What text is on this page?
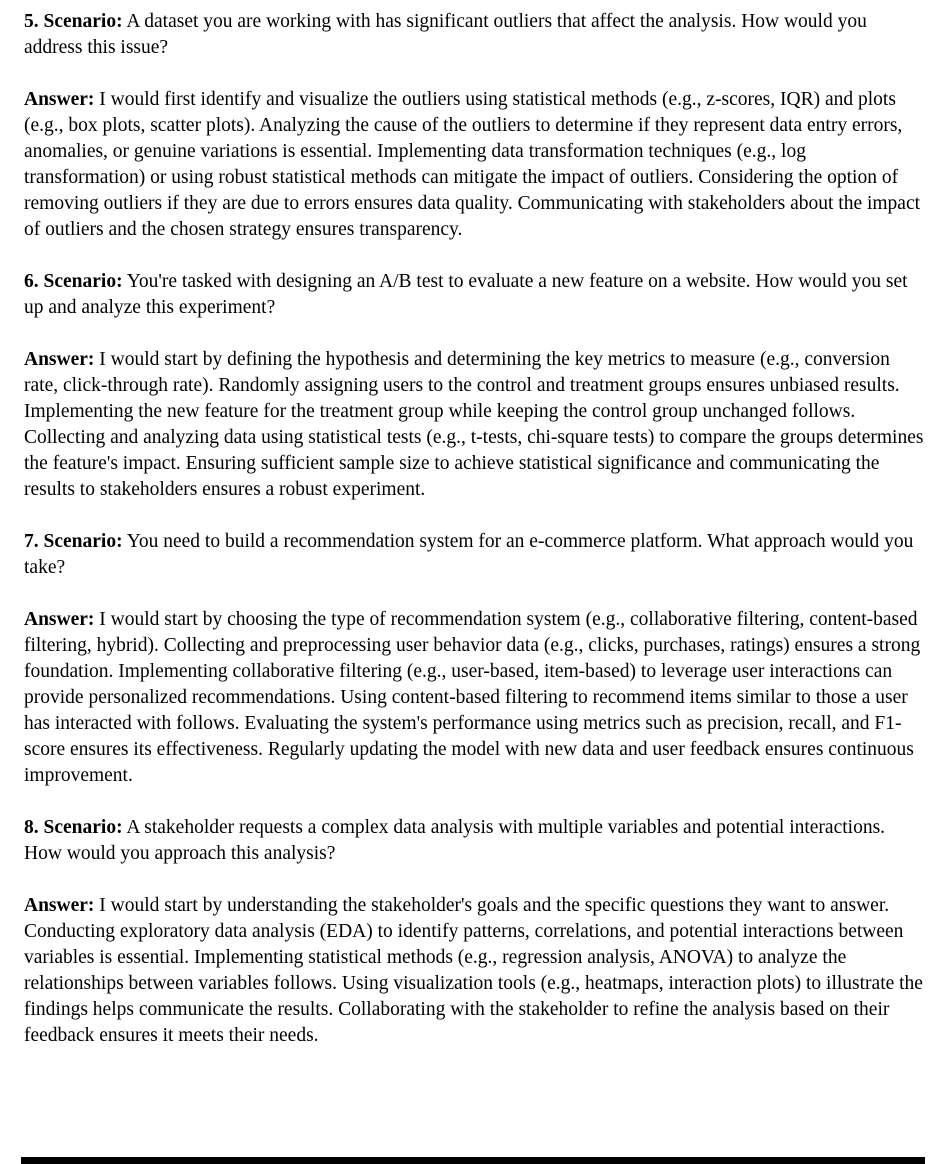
5. Scenario: A dataset you are working with has significant outliers that affect the analysis. How would you address this issue?

Answer: I would first identify and visualize the outliers using statistical methods (e.g., z-scores, IQR) and plots (e.g., box plots, scatter plots). Analyzing the cause of the outliers to determine if they represent data entry errors, anomalies, or genuine variations is essential. Implementing data transformation techniques (e.g., log transformation) or using robust statistical methods can mitigate the impact of outliers. Considering the option of removing outliers if they are due to errors ensures data quality. Communicating with stakeholders about the impact of outliers and the chosen strategy ensures transparency.

6. Scenario: You're tasked with designing an A/B test to evaluate a new feature on a website. How would you set up and analyze this experiment?

Answer: I would start by defining the hypothesis and determining the key metrics to measure (e.g., conversion rate, click-through rate). Randomly assigning users to the control and treatment groups ensures unbiased results. Implementing the new feature for the treatment group while keeping the control group unchanged follows. Collecting and analyzing data using statistical tests (e.g., t-tests, chi-square tests) to compare the groups determines the feature's impact. Ensuring sufficient sample size to achieve statistical significance and communicating the results to stakeholders ensures a robust experiment.

7. Scenario: You need to build a recommendation system for an e-commerce platform. What approach would you take?

Answer: I would start by choosing the type of recommendation system (e.g., collaborative filtering, content-based filtering, hybrid). Collecting and preprocessing user behavior data (e.g., clicks, purchases, ratings) ensures a strong foundation. Implementing collaborative filtering (e.g., user-based, item-based) to leverage user interactions can provide personalized recommendations. Using content-based filtering to recommend items similar to those a user has interacted with follows. Evaluating the system's performance using metrics such as precision, recall, and F1-score ensures its effectiveness. Regularly updating the model with new data and user feedback ensures continuous improvement.

8. Scenario: A stakeholder requests a complex data analysis with multiple variables and potential interactions. How would you approach this analysis?

Answer: I would start by understanding the stakeholder's goals and the specific questions they want to answer. Conducting exploratory data analysis (EDA) to identify patterns, correlations, and potential interactions between variables is essential. Implementing statistical methods (e.g., regression analysis, ANOVA) to analyze the relationships between variables follows. Using visualization tools (e.g., heatmaps, interaction plots) to illustrate the findings helps communicate the results. Collaborating with the stakeholder to refine the analysis based on their feedback ensures it meets their needs.
